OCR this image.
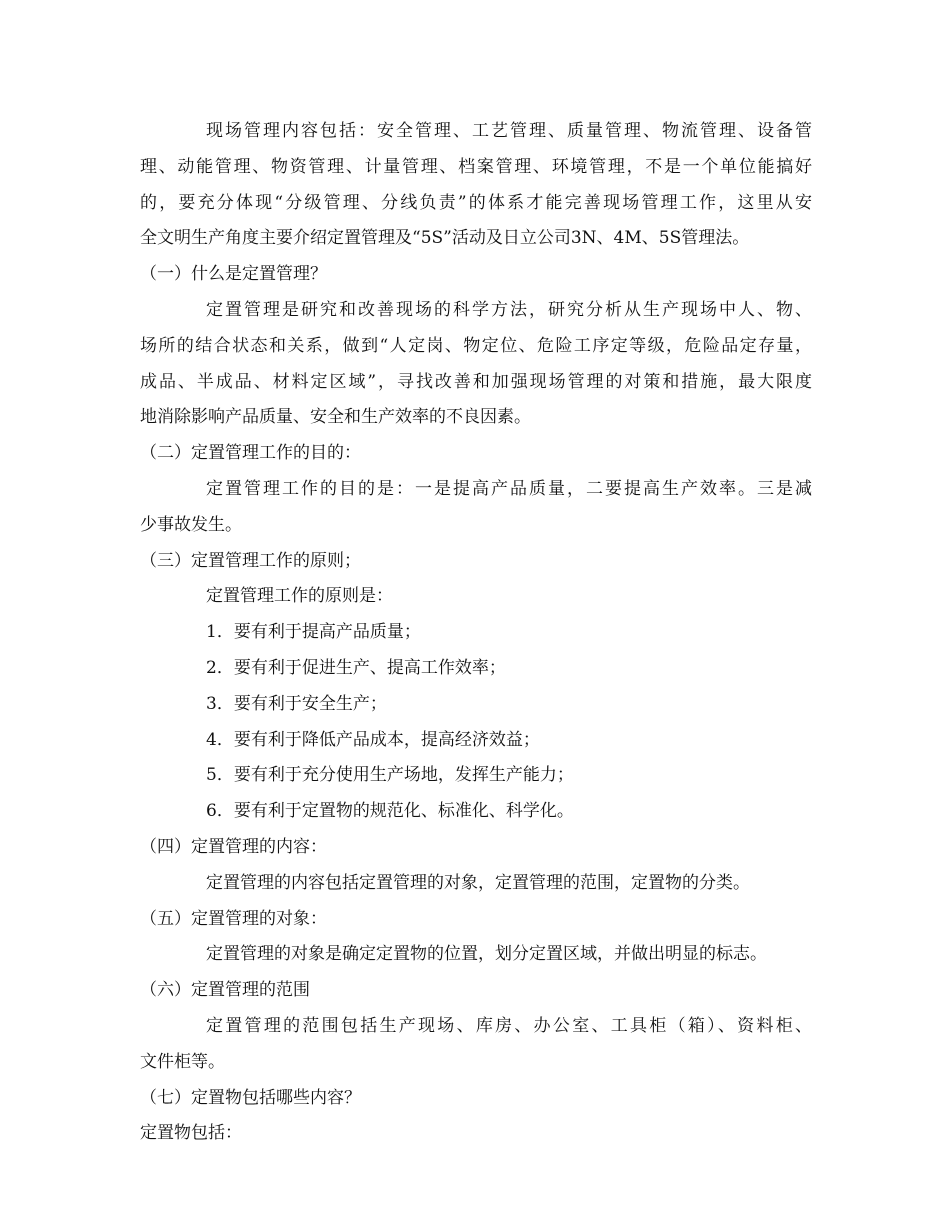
现场管理内容包括：安全管理、工艺管理、质量管理、物流管理、设备管
理、动能管理、物资管理、计量管理、档案管理、环境管理，不是一个单位能搞好
的，要充分体现“分级管理、分线负责”的体系才能完善现场管理工作，这里从安
全文明生产角度主要介绍定置管理及“5S”活动及日立公司3N、4M、5S管理法。
（一）什么是定置管理？
定置管理是研究和改善现场的科学方法，研究分析从生产现场中人、物、
场所的结合状态和关系，做到“人定岗、物定位、危险工序定等级，危险品定存量，
成品、半成品、材料定区域”，寻找改善和加强现场管理的对策和措施，最大限度
地消除影响产品质量、安全和生产效率的不良因素。
（二）定置管理工作的目的：
定置管理工作的目的是：一是提高产品质量，二要提高生产效率。三是减
少事故发生。
（三）定置管理工作的原则；
定置管理工作的原则是：
1．要有利于提高产品质量；
2．要有利于促进生产、提高工作效率；
3．要有利于安全生产；
4．要有利于降低产品成本，提高经济效益；
5．要有利于充分使用生产场地，发挥生产能力；
6．要有利于定置物的规范化、标准化、科学化。
（四）定置管理的内容：
定置管理的内容包括定置管理的对象，定置管理的范围，定置物的分类。
（五）定置管理的对象：
定置管理的对象是确定定置物的位置，划分定置区域，并做出明显的标志。
（六）定置管理的范围
定置管理的范围包括生产现场、库房、办公室、工具柜（箱）、资料柜、
文件柜等。
（七）定置物包括哪些内容？
定置物包括：
